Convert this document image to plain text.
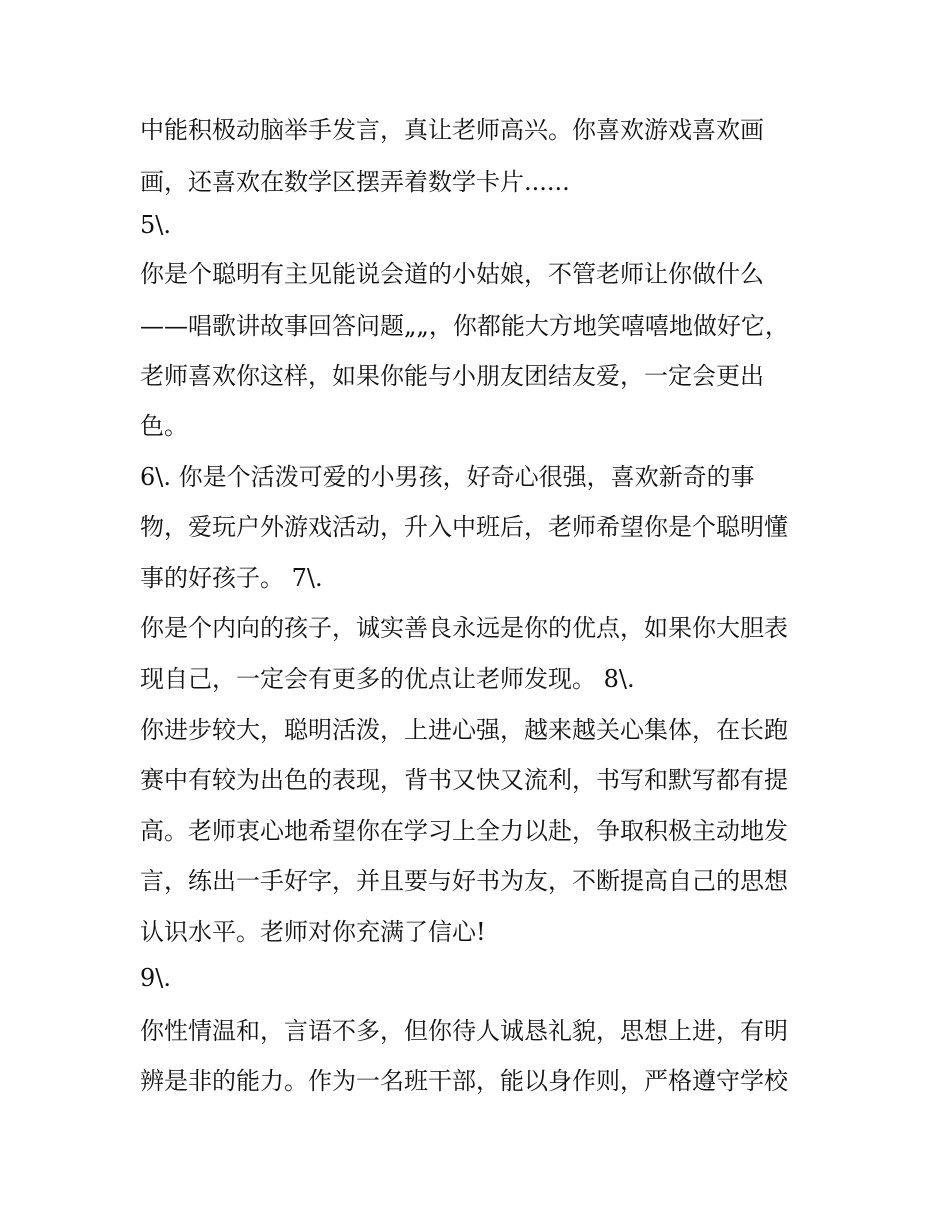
中能积极动脑举手发言，真让老师高兴。你喜欢游戏喜欢画
画，还喜欢在数学区摆弄着数学卡片......
5\.
你是个聪明有主见能说会道的小姑娘，不管老师让你做什么
——唱歌讲故事回答问题„„，你都能大方地笑嘻嘻地做好它，
老师喜欢你这样，如果你能与小朋友团结友爱，一定会更出
色。
6\. 你是个活泼可爱的小男孩，好奇心很强，喜欢新奇的事
物，爱玩户外游戏活动，升入中班后，老师希望你是个聪明懂
事的好孩子。 7\.
你是个内向的孩子，诚实善良永远是你的优点，如果你大胆表
现自己，一定会有更多的优点让老师发现。 8\.
你进步较大，聪明活泼，上进心强，越来越关心集体，在长跑
赛中有较为出色的表现，背书又快又流利，书写和默写都有提
高。老师衷心地希望你在学习上全力以赴，争取积极主动地发
言，练出一手好字，并且要与好书为友，不断提高自己的思想
认识水平。老师对你充满了信心!
9\.
你性情温和，言语不多，但你待人诚恳礼貌，思想上进，有明
辨是非的能力。作为一名班干部，能以身作则，严格遵守学校
